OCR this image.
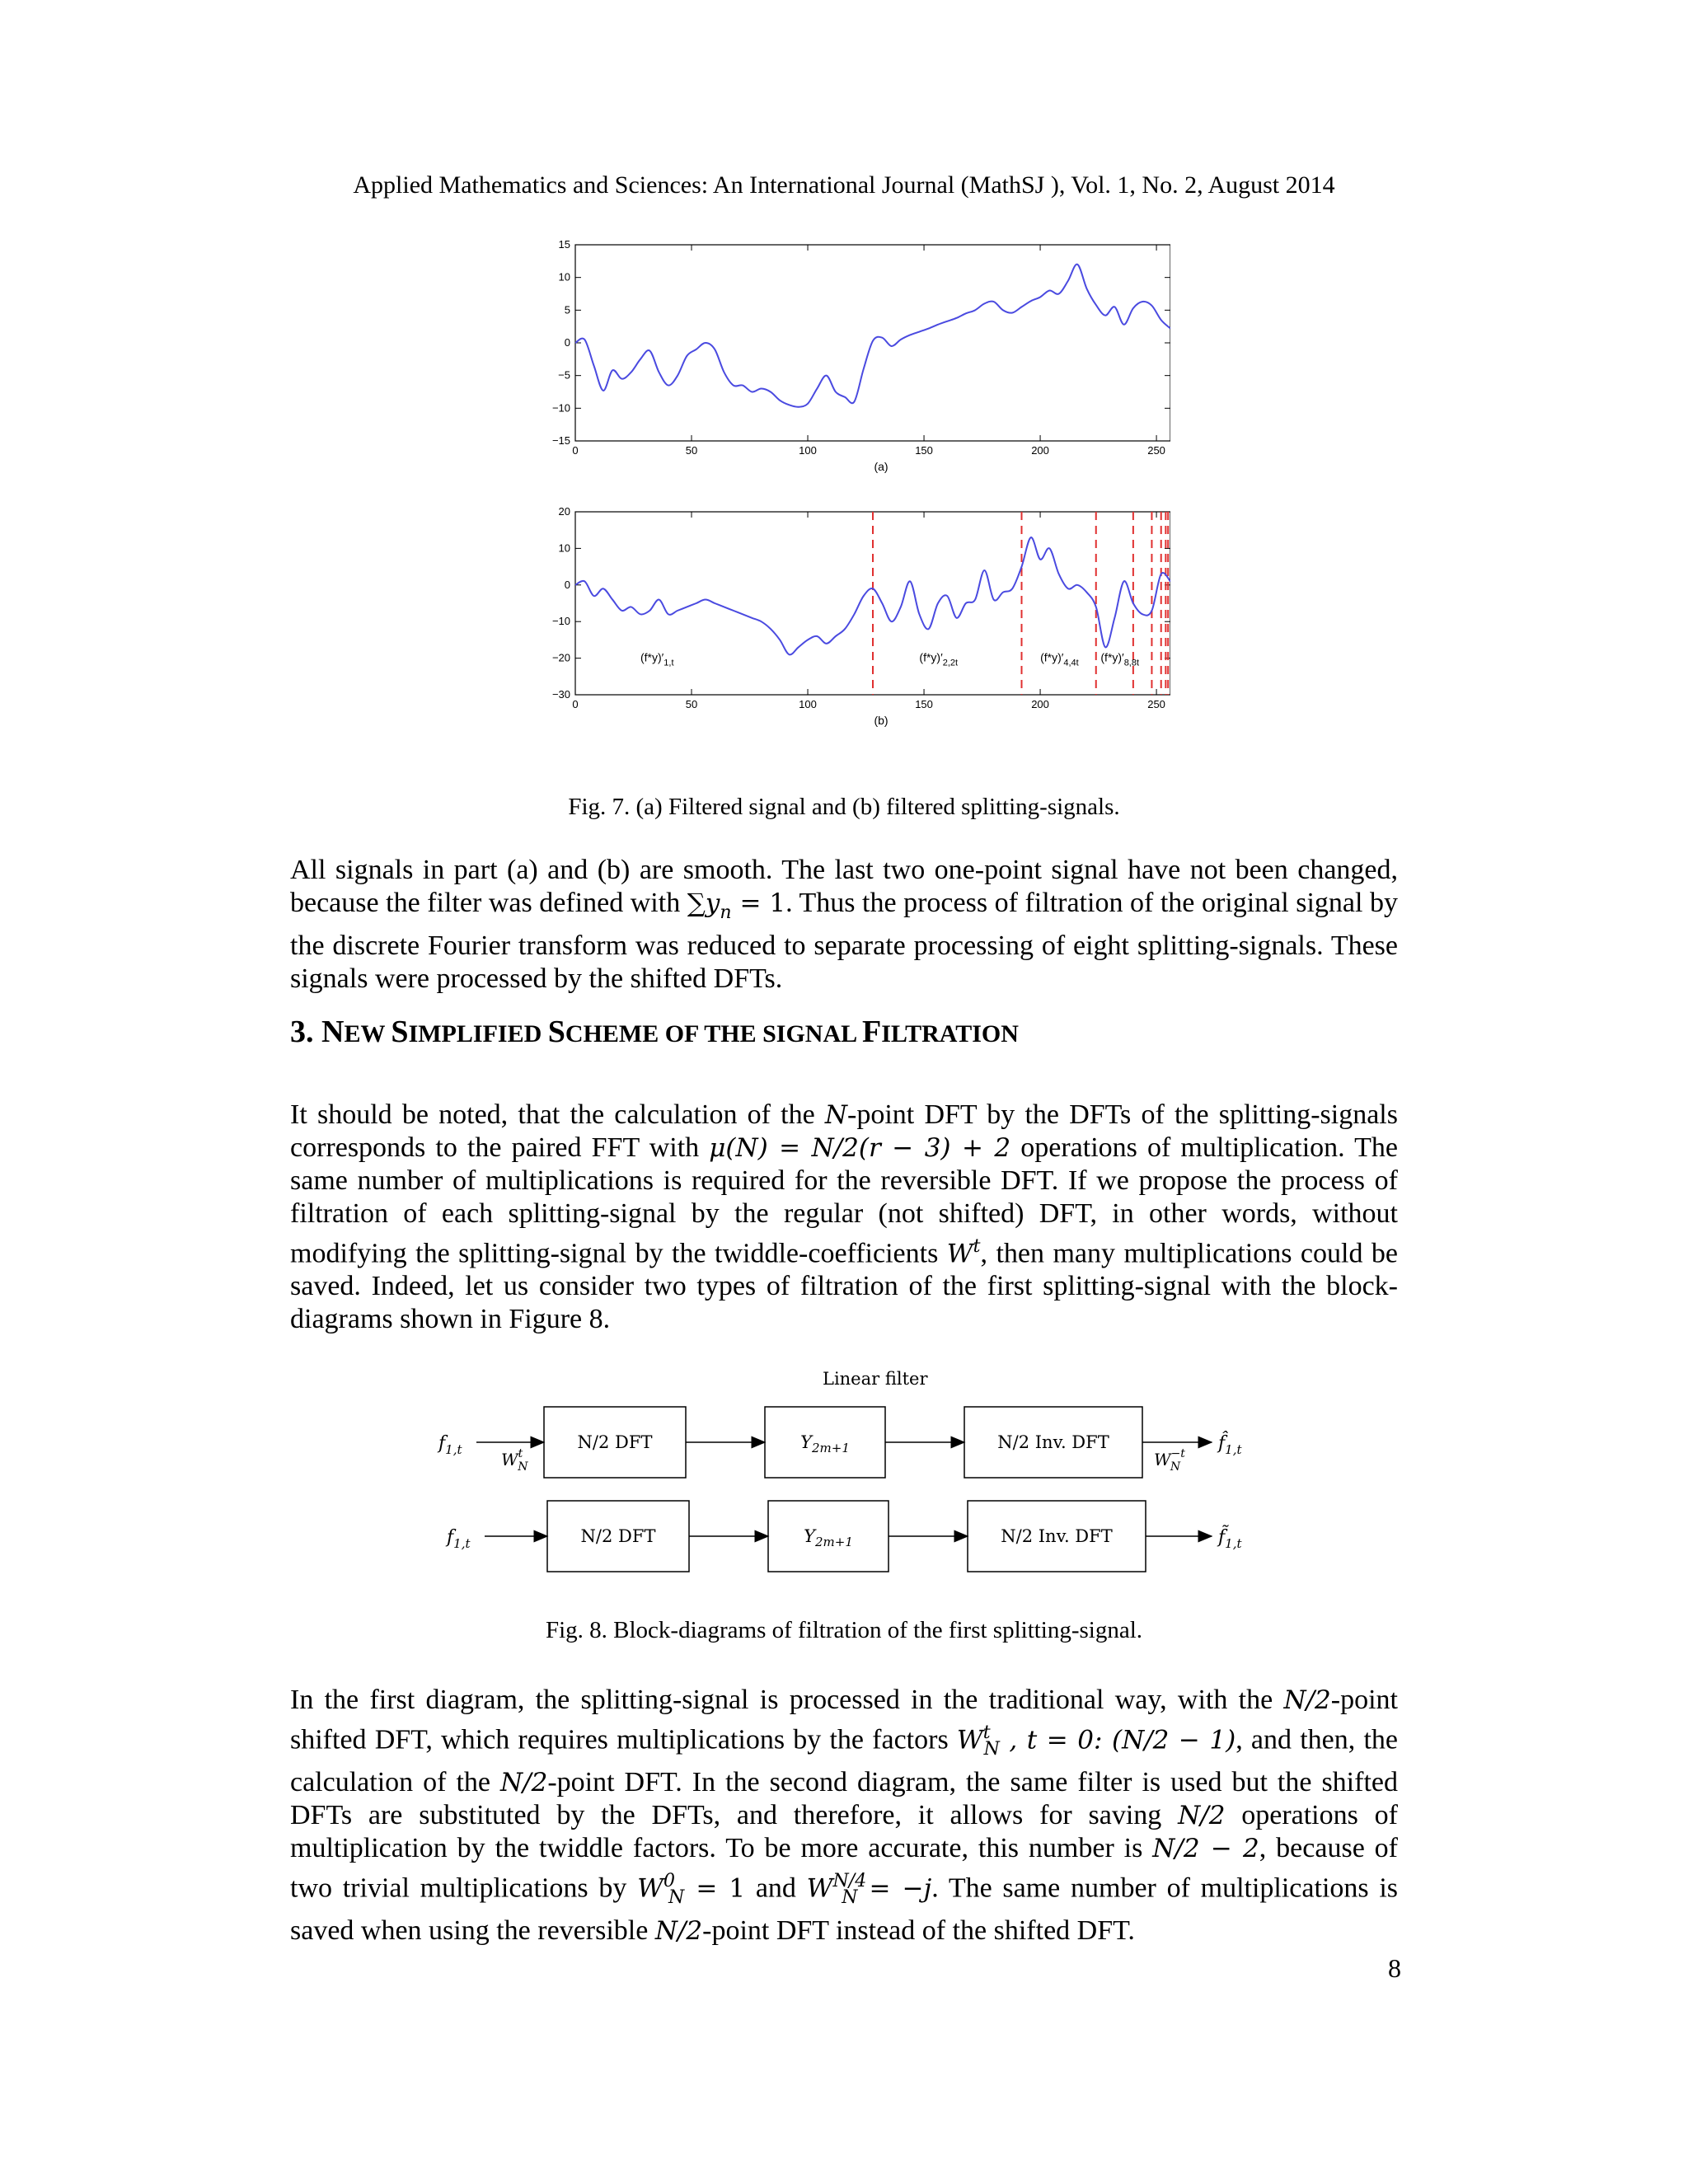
Applied Mathematics and Sciences: An International Journal (MathSJ ), Vol. 1, No. 2, August 2014
0	50	100	150	200	250
15
10
5
0
−5
−10
−15
(a)
0	50	100	150	200	250
20
10
0
−10
−20
−30
$(f*y)'_{1,t}$	$(f*y)'_{2,2t}$	$(f*y)'_{4,4t}$ $(f*y)'_{8,8t}$
(b)
Fig. 7. (a) Filtered signal and (b) filtered splitting-signals.

All signals in part (a) and (b) are smooth. The last two one-point signal have not been changed, because the filter was defined with $\sum y_n = 1$. Thus the process of filtration of the original signal by the discrete Fourier transform was reduced to separate processing of eight splitting-signals. These signals were processed by the shifted DFTs.

3. NEW SIMPLIFIED SCHEME OF THE SIGNAL FILTRATION

It should be noted, that the calculation of the N-point DFT by the DFTs of the splitting-signals corresponds to the paired FFT with μ(N) = N/2(r − 3) + 2 operations of multiplication. The same number of multiplications is required for the reversible DFT. If we propose the process of filtration of each splitting-signal by the regular (not shifted) DFT, in other words, without modifying the splitting-signal by the twiddle-coefficients $W^t$, then many multiplications could be saved. Indeed, let us consider two types of filtration of the first splitting-signal with the block-diagrams shown in Figure 8.

Linear filter
$f_{1,t}$ $W^t$ N
N/2 DFT	$Y_{2m+1}$	N/2 Inv. DFT
$W^{-t}$ N
$f̂_{1,t}$
$f_{1,t}$	N/2 DFT	$Y_{2m+1}$	N/2 Inv. DFT	$f̃_{1,t}$
Fig. 8. Block-diagrams of filtration of the first splitting-signal.

In the first diagram, the splitting-signal is processed in the traditional way, with the N/2-point shifted DFT, which requires multiplications by the factors $W^t_N$ , t = 0: (N/2 − 1), and then, the calculation of the N/2-point DFT. In the second diagram, the same filter is used but the shifted DFTs are substituted by the DFTs, and therefore, it allows for saving N/2 operations of multiplication by the twiddle factors. To be more accurate, this number is N/2 − 2, because of two trivial multiplications by $W^0_N = 1$ and $W^{N/4}_N = -j$. The same number of multiplications is saved when using the reversible N/2-point DFT instead of the shifted DFT.

8
